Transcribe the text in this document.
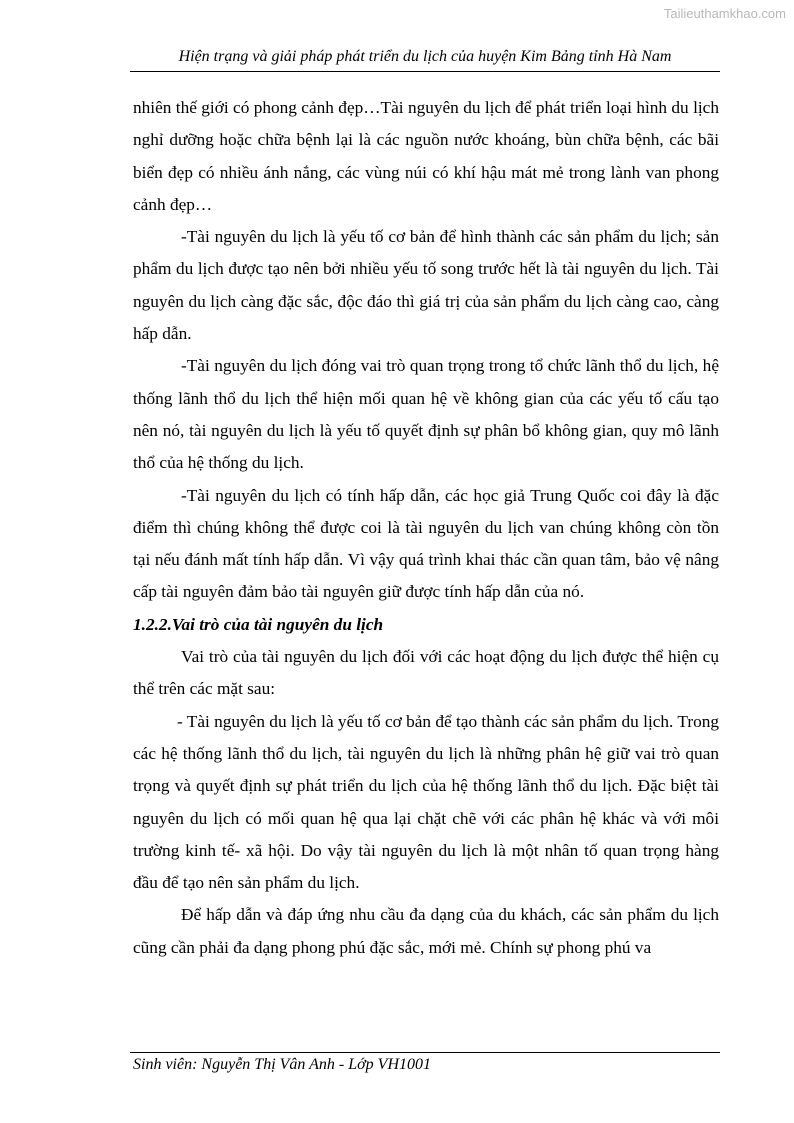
Tailieuthamkhao.com
Hiện trạng và giải pháp phát triển du lịch của huyện Kim Bảng tỉnh Hà Nam

nhiên thế giới có phong cảnh đẹp…Tài nguyên du lịch để phát triển loại hình du lịch nghỉ dưỡng hoặc chữa bệnh lại là các nguồn nước khoáng, bùn chữa bệnh, các bãi biển đẹp có nhiều ánh nắng, các vùng núi có khí hậu mát mẻ trong lành van phong cảnh đẹp…

-Tài nguyên du lịch là yếu tố cơ bản để hình thành các sản phẩm du lịch; sản phẩm du lịch được tạo nên bởi nhiều yếu tố song trước hết là tài nguyên du lịch. Tài nguyên du lịch càng đặc sắc, độc đáo thì giá trị của sản phẩm du lịch càng cao, càng hấp dẫn.

-Tài nguyên du lịch đóng vai trò quan trọng trong tổ chức lãnh thổ du lịch, hệ thống lãnh thổ du lịch thể hiện mối quan hệ về không gian của các yếu tố cấu tạo nên nó, tài nguyên du lịch là yếu tố quyết định sự phân bổ không gian, quy mô lãnh thổ của hệ thống du lịch.

-Tài nguyên du lịch có tính hấp dẫn, các học giả Trung Quốc coi đây là đặc điểm thì chúng không thể được coi là tài nguyên du lịch van chúng không còn tồn tại nếu đánh mất tính hấp dẫn. Vì vậy quá trình khai thác cần quan tâm, bảo vệ nâng cấp tài nguyên đảm bảo tài nguyên giữ được tính hấp dẫn của nó.

1.2.2.Vai trò của tài nguyên du lịch

Vai trò của tài nguyên du lịch đối với các hoạt động du lịch được thể hiện cụ thể trên các mặt sau:

- Tài nguyên du lịch là yếu tố cơ bản để tạo thành các sản phẩm du lịch. Trong các hệ thống lãnh thổ du lịch, tài nguyên du lịch là những phân hệ giữ vai trò quan trọng và quyết định sự phát triển du lịch của hệ thống lãnh thổ du lịch. Đặc biệt tài nguyên du lịch có mối quan hệ qua lại chặt chẽ với các phân hệ khác và với môi trường kinh tế- xã hội. Do vậy tài nguyên du lịch là một nhân tố quan trọng hàng đầu để tạo nên sản phẩm du lịch.

Để hấp dẫn và đáp ứng nhu cầu đa dạng của du khách, các sản phẩm du lịch cũng cần phải đa dạng phong phú đặc sắc, mới mẻ. Chính sự phong phú va

Sinh viên: Nguyễn Thị Vân Anh - Lớp VH1001
